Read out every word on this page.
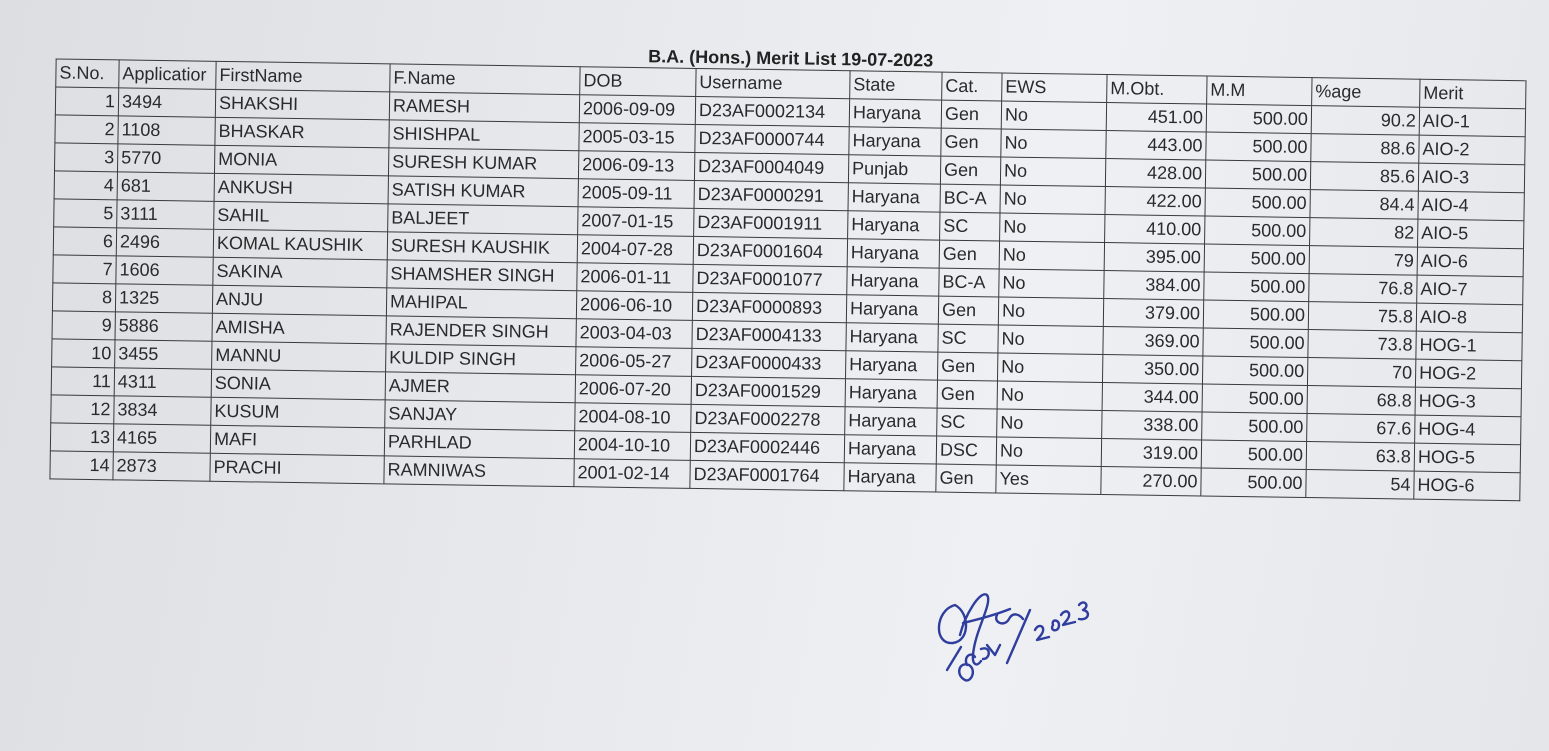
B.A. (Hons.) Merit List 19-07-2023
S.No.	Applicatior	FirstName	F.Name	DOB	Username	State	Cat.	EWS	M.Obt.	M.M	%age	Merit
1	3494	SHAKSHI	RAMESH	2006-09-09	D23AF0002134	Haryana	Gen	No	451.00	500.00	90.2	AIO-1
2	1108	BHASKAR	SHISHPAL	2005-03-15	D23AF0000744	Haryana	Gen	No	443.00	500.00	88.6	AIO-2
3	5770	MONIA	SURESH KUMAR	2006-09-13	D23AF0004049	Punjab	Gen	No	428.00	500.00	85.6	AIO-3
4	681	ANKUSH	SATISH KUMAR	2005-09-11	D23AF0000291	Haryana	BC-A	No	422.00	500.00	84.4	AIO-4
5	3111	SAHIL	BALJEET	2007-01-15	D23AF0001911	Haryana	SC	No	410.00	500.00	82	AIO-5
6	2496	KOMAL KAUSHIK	SURESH KAUSHIK	2004-07-28	D23AF0001604	Haryana	Gen	No	395.00	500.00	79	AIO-6
7	1606	SAKINA	SHAMSHER SINGH	2006-01-11	D23AF0001077	Haryana	BC-A	No	384.00	500.00	76.8	AIO-7
8	1325	ANJU	MAHIPAL	2006-06-10	D23AF0000893	Haryana	Gen	No	379.00	500.00	75.8	AIO-8
9	5886	AMISHA	RAJENDER SINGH	2003-04-03	D23AF0004133	Haryana	SC	No	369.00	500.00	73.8	HOG-1
10	3455	MANNU	KULDIP SINGH	2006-05-27	D23AF0000433	Haryana	Gen	No	350.00	500.00	70	HOG-2
11	4311	SONIA	AJMER	2006-07-20	D23AF0001529	Haryana	Gen	No	344.00	500.00	68.8	HOG-3
12	3834	KUSUM	SANJAY	2004-08-10	D23AF0002278	Haryana	SC	No	338.00	500.00	67.6	HOG-4
13	4165	MAFI	PARHLAD	2004-10-10	D23AF0002446	Haryana	DSC	No	319.00	500.00	63.8	HOG-5
14	2873	PRACHI	RAMNIWAS	2001-02-14	D23AF0001764	Haryana	Gen	Yes	270.00	500.00	54	HOG-6
